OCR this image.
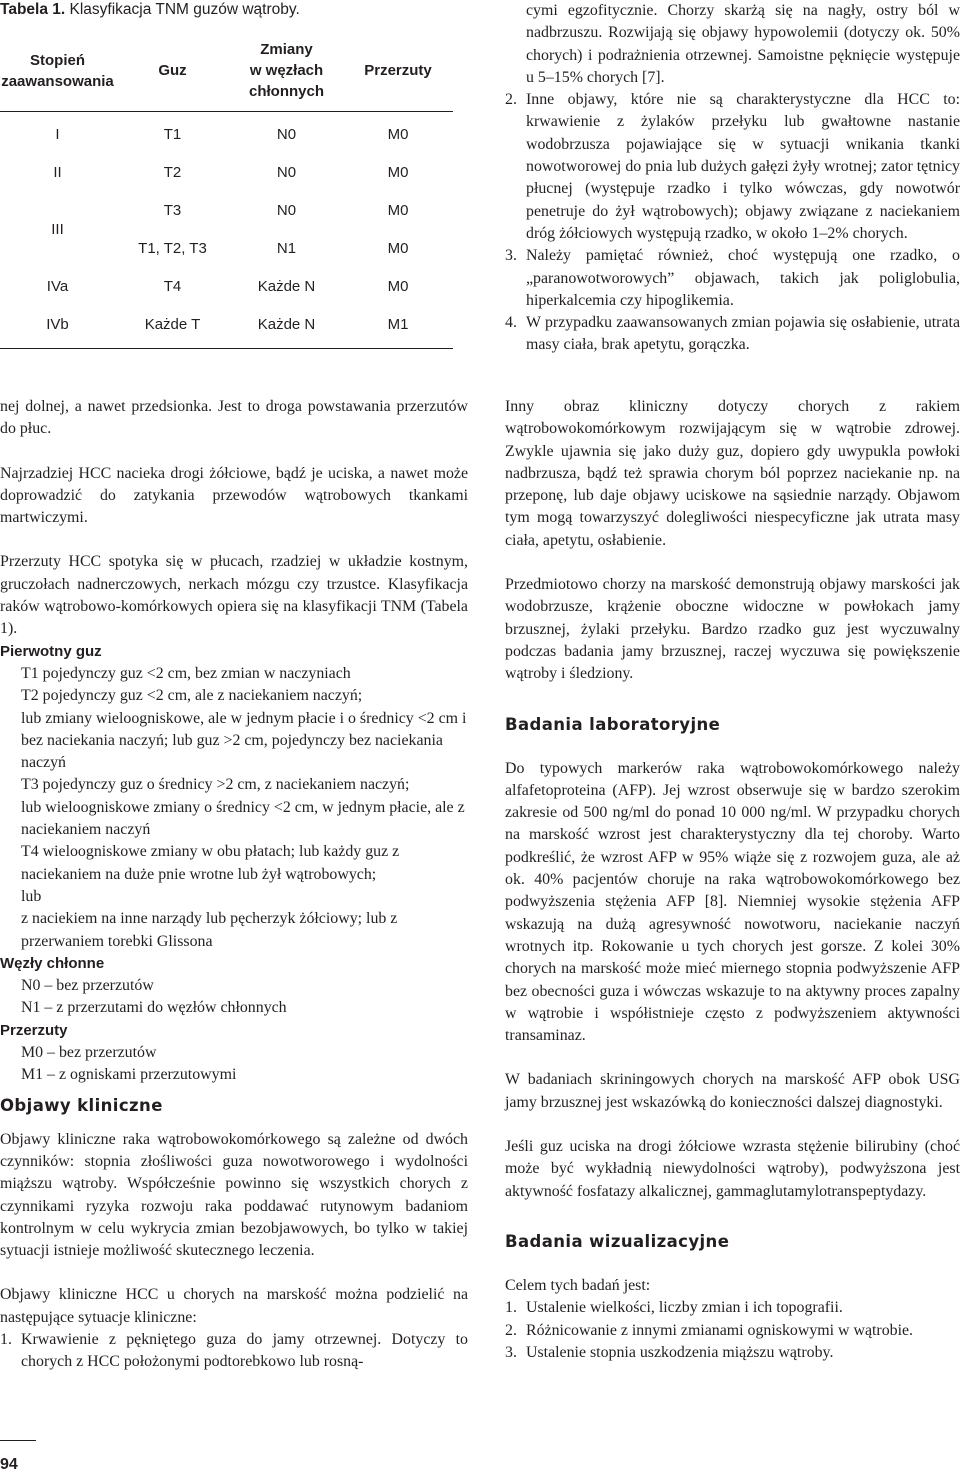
Tabela 1. Klasyfikacja TNM guzów wątroby.

Stopień
zaawansowania	Guz	Zmiany
w węzłach
chłonnych	Przerzuty
I	T1	N0	M0
II	T2	N0	M0
III	T3	N0	M0
	T1, T2, T3	N1	M0
IVa	T4	Każde N	M0
IVb	Każde T	Każde N	M1

cymi egzofitycznie. Chorzy skarżą się na nagły, ostry ból w nadbrzuszu. Rozwijają się objawy hypowolemii (dotyczy ok. 50% chorych) i podrażnienia otrzewnej. Samoistne pęknięcie występuje u 5–15% chorych [7].

2. Inne objawy, które nie są charakterystyczne dla HCC to: krwawienie z żylaków przełyku lub gwałtowne nastanie wodobrzusza pojawiające się w sytuacji wnikania tkanki nowotworowej do pnia lub dużych gałęzi żyły wrotnej; zator tętnicy płucnej (występuje rzadko i tylko wówczas, gdy nowotwór penetruje do żył wątrobowych); objawy związane z naciekaniem dróg żółciowych występują rzadko, w około 1–2% chorych.
3. Należy pamiętać również, choć występują one rzadko, o „paranowotworowych” objawach, takich jak poliglobulia, hiperkalcemia czy hipoglikemia.
4. W przypadku zaawansowanych zmian pojawia się osłabienie, utrata masy ciała, brak apetytu, gorączka.

nej dolnej, a nawet przedsionka. Jest to droga powstawania przerzutów do płuc.

Najrzadziej HCC nacieka drogi żółciowe, bądź je uciska, a nawet może doprowadzić do zatykania przewodów wątrobowych tkankami martwiczymi.

Przerzuty HCC spotyka się w płucach, rzadziej w układzie kostnym, gruczołach nadnerczowych, nerkach mózgu czy trzustce. Klasyfikacja raków wątrobowo-komórkowych opiera się na klasyfikacji TNM (Tabela 1).

Pierwotny guz

T1 pojedynczy guz <2 cm, bez zmian w naczyniach

T2 pojedynczy guz <2 cm, ale z naciekaniem naczyń;

lub zmiany wieloogniskowe, ale w jednym płacie i o średnicy <2 cm i bez naciekania naczyń; lub guz >2 cm, pojedynczy bez naciekania naczyń

T3 pojedynczy guz o średnicy >2 cm, z naciekaniem naczyń;

lub wieloogniskowe zmiany o średnicy <2 cm, w jednym płacie, ale z naciekaniem naczyń

T4 wieloogniskowe zmiany w obu płatach; lub każdy guz z naciekaniem na duże pnie wrotne lub żył wątrobowych;

lub

z naciekiem na inne narządy lub pęcherzyk żółciowy; lub z przerwaniem torebki Glissona

Węzły chłonne

N0 – bez przerzutów

N1 – z przerzutami do węzłów chłonnych

Przerzuty

M0 – bez przerzutów

M1 – z ogniskami przerzutowymi

Objawy kliniczne

Objawy kliniczne raka wątrobowokomórkowego są zależne od dwóch czynników: stopnia złośliwości guza nowotworowego i wydolności miąższu wątroby. Współcześnie powinno się wszystkich chorych z czynnikami ryzyka rozwoju raka poddawać rutynowym badaniom kontrolnym w celu wykrycia zmian bezobjawowych, bo tylko w takiej sytuacji istnieje możliwość skutecznego leczenia.

Objawy kliniczne HCC u chorych na marskość można podzielić na następujące sytuacje kliniczne:

1. Krwawienie z pękniętego guza do jamy otrzewnej. Dotyczy to chorych z HCC położonymi podtorebkowo lub rosną-

Inny obraz kliniczny dotyczy chorych z rakiem wątrobowokomórkowym rozwijającym się w wątrobie zdrowej. Zwykle ujawnia się jako duży guz, dopiero gdy uwypukla powłoki nadbrzusza, bądź też sprawia chorym ból poprzez naciekanie np. na przeponę, lub daje objawy uciskowe na sąsiednie narządy. Objawom tym mogą towarzyszyć dolegliwości niespecyficzne jak utrata masy ciała, apetytu, osłabienie.

Przedmiotowo chorzy na marskość demonstrują objawy marskości jak wodobrzusze, krążenie oboczne widoczne w powłokach jamy brzusznej, żylaki przełyku. Bardzo rzadko guz jest wyczuwalny podczas badania jamy brzusznej, raczej wyczuwa się powiększenie wątroby i śledziony.

Badania laboratoryjne

Do typowych markerów raka wątrobowokomórkowego należy alfafetoproteina (AFP). Jej wzrost obserwuje się w bardzo szerokim zakresie od 500 ng/ml do ponad 10 000 ng/ml. W przypadku chorych na marskość wzrost jest charakterystyczny dla tej choroby. Warto podkreślić, że wzrost AFP w 95% wiąże się z rozwojem guza, ale aż ok. 40% pacjentów choruje na raka wątrobowokomórkowego bez podwyższenia stężenia AFP [8]. Niemniej wysokie stężenia AFP wskazują na dużą agresywność nowotworu, naciekanie naczyń wrotnych itp. Rokowanie u tych chorych jest gorsze. Z kolei 30% chorych na marskość może mieć miernego stopnia podwyższenie AFP bez obecności guza i wówczas wskazuje to na aktywny proces zapalny w wątrobie i współistnieje często z podwyższeniem aktywności transaminaz.

W badaniach skriningowych chorych na marskość AFP obok USG jamy brzusznej jest wskazówką do konieczności dalszej diagnostyki.

Jeśli guz uciska na drogi żółciowe wzrasta stężenie bilirubiny (choć może być wykładnią niewydolności wątroby), podwyższona jest aktywność fosfatazy alkalicznej, gammaglutamylotranspeptydazy.

Badania wizualizacyjne

Celem tych badań jest:

1. Ustalenie wielkości, liczby zmian i ich topografii.
2. Różnicowanie z innymi zmianami ogniskowymi w wątrobie.
3. Ustalenie stopnia uszkodzenia miąższu wątroby.
94
